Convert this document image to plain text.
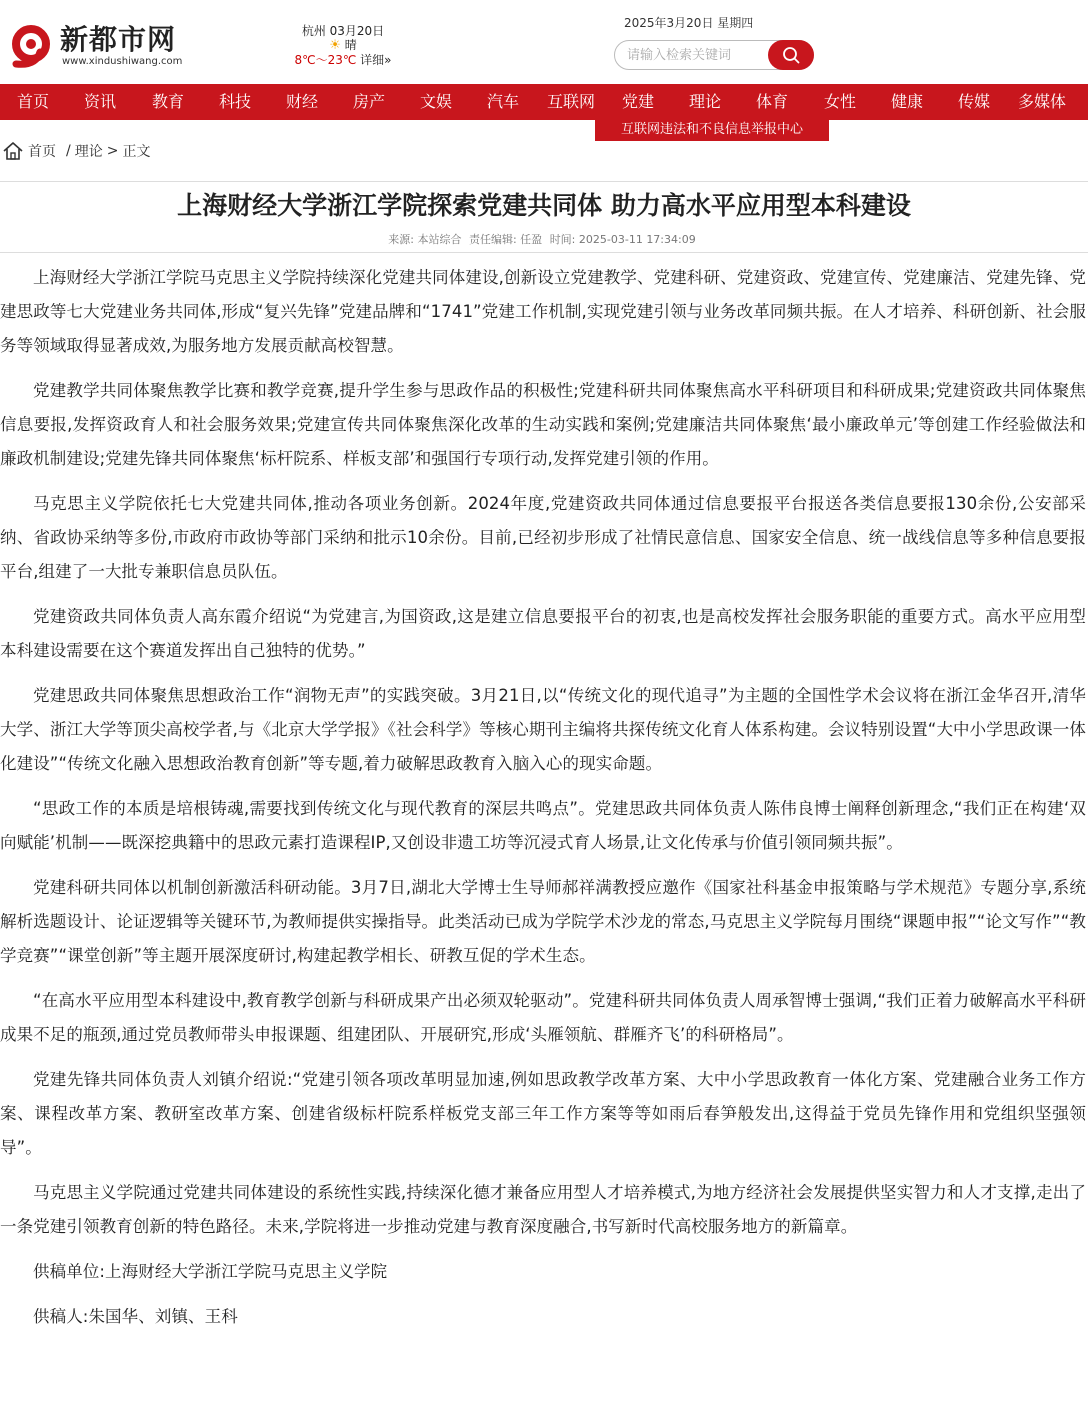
新都市网
www.xindushiwang.com
杭州 03月20日
☀ 晴
8℃～23℃ 详细»
2025年3月20日 星期四
请输入检索关键词
首页 资讯 教育 科技 财经 房产 文娱 汽车 互联网 党建 理论 体育 女性 健康 传媒 多媒体
互联网违法和不良信息举报中心
首页 / 理论 > 正文
上海财经大学浙江学院探索党建共同体 助力高水平应用型本科建设
来源: 本站综合 责任编辑: 任盈 时间: 2025-03-11 17:34:09

上海财经大学浙江学院马克思主义学院持续深化党建共同体建设,创新设立党建教学、党建科研、党建资政、党建宣传、党建廉洁、党建先锋、党建思政等七大党建业务共同体,形成“复兴先锋”党建品牌和“1741”党建工作机制,实现党建引领与业务改革同频共振。在人才培养、科研创新、社会服务等领域取得显著成效,为服务地方发展贡献高校智慧。

党建教学共同体聚焦教学比赛和教学竞赛,提升学生参与思政作品的积极性;党建科研共同体聚焦高水平科研项目和科研成果;党建资政共同体聚焦信息要报,发挥资政育人和社会服务效果;党建宣传共同体聚焦深化改革的生动实践和案例;党建廉洁共同体聚焦‘最小廉政单元’等创建工作经验做法和廉政机制建设;党建先锋共同体聚焦‘标杆院系、样板支部’和强国行专项行动,发挥党建引领的作用。

马克思主义学院依托七大党建共同体,推动各项业务创新。2024年度,党建资政共同体通过信息要报平台报送各类信息要报130余份,公安部采纳、省政协采纳等多份,市政府市政协等部门采纳和批示10余份。目前,已经初步形成了社情民意信息、国家安全信息、统一战线信息等多种信息要报平台,组建了一大批专兼职信息员队伍。

党建资政共同体负责人高东霞介绍说“为党建言,为国资政,这是建立信息要报平台的初衷,也是高校发挥社会服务职能的重要方式。高水平应用型本科建设需要在这个赛道发挥出自己独特的优势。”

党建思政共同体聚焦思想政治工作“润物无声”的实践突破。3月21日,以“传统文化的现代追寻”为主题的全国性学术会议将在浙江金华召开,清华大学、浙江大学等顶尖高校学者,与《北京大学学报》《社会科学》等核心期刊主编将共探传统文化育人体系构建。会议特别设置“大中小学思政课一体化建设”“传统文化融入思想政治教育创新”等专题,着力破解思政教育入脑入心的现实命题。

“思政工作的本质是培根铸魂,需要找到传统文化与现代教育的深层共鸣点”。党建思政共同体负责人陈伟良博士阐释创新理念,“我们正在构建‘双向赋能’机制——既深挖典籍中的思政元素打造课程IP,又创设非遗工坊等沉浸式育人场景,让文化传承与价值引领同频共振”。

党建科研共同体以机制创新激活科研动能。3月7日,湖北大学博士生导师郝祥满教授应邀作《国家社科基金申报策略与学术规范》专题分享,系统解析选题设计、论证逻辑等关键环节,为教师提供实操指导。此类活动已成为学院学术沙龙的常态,马克思主义学院每月围绕“课题申报”“论文写作”“教学竞赛”“课堂创新”等主题开展深度研讨,构建起教学相长、研教互促的学术生态。

“在高水平应用型本科建设中,教育教学创新与科研成果产出必须双轮驱动”。党建科研共同体负责人周承智博士强调,“我们正着力破解高水平科研成果不足的瓶颈,通过党员教师带头申报课题、组建团队、开展研究,形成‘头雁领航、群雁齐飞’的科研格局”。

党建先锋共同体负责人刘镇介绍说:“党建引领各项改革明显加速,例如思政教学改革方案、大中小学思政教育一体化方案、党建融合业务工作方案、课程改革方案、教研室改革方案、创建省级标杆院系样板党支部三年工作方案等等如雨后春笋般发出,这得益于党员先锋作用和党组织坚强领导”。

马克思主义学院通过党建共同体建设的系统性实践,持续深化德才兼备应用型人才培养模式,为地方经济社会发展提供坚实智力和人才支撑,走出了一条党建引领教育创新的特色路径。未来,学院将进一步推动党建与教育深度融合,书写新时代高校服务地方的新篇章。

供稿单位:上海财经大学浙江学院马克思主义学院

供稿人:朱国华、刘镇、王科
